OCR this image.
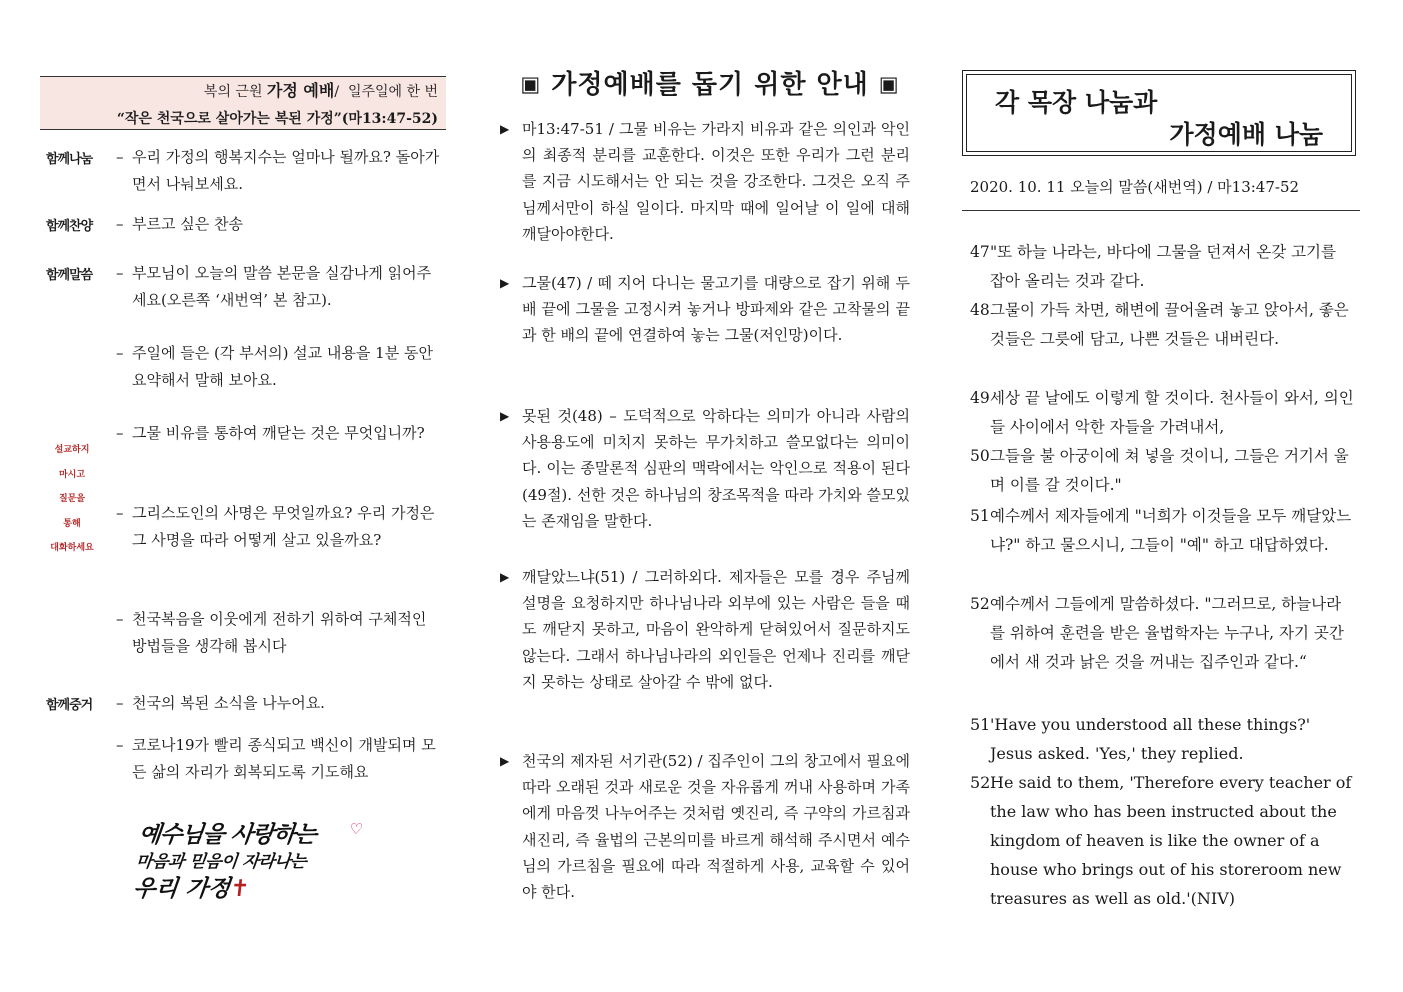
복의 근원 가정 예배/ 일주일에 한 번
“작은 천국으로 살아가는 복된 가정”(마13:47-52)
함께나눔 – 우리 가정의 행복지수는 얼마나 될까요? 돌아가면서 나눠보세요.
함께찬양 – 부르고 싶은 찬송
함께말씀 – 부모님이 오늘의 말씀 본문을 실감나게 읽어주세요(오른쪽 ‘새번역’ 본 참고).
– 주일에 들은 (각 부서의) 설교 내용을 1분 동안 요약해서 말해 보아요.
– 그물 비유를 통하여 깨닫는 것은 무엇입니까?
– 그리스도인의 사명은 무엇일까요? 우리 가정은 그 사명을 따라 어떻게 살고 있을까요?
– 천국복음을 이웃에게 전하기 위하여 구체적인 방법들을 생각해 봅시다
설교하지
마시고
질문을
통해
대화하세요
함께중거 – 천국의 복된 소식을 나누어요.
– 코로나19가 빨리 종식되고 백신이 개발되며 모든 삶의 자리가 회복되도록 기도해요
♡
예수님을 사랑하는
마음과 믿음이 자라나는
우리 가정✝
▣ 가정예배를 돕기 위한 안내 ▣
▶ 마13:47-51 / 그물 비유는 가라지 비유과 같은 의인과 악인의 최종적 분리를 교훈한다. 이것은 또한 우리가 그런 분리를 지금 시도해서는 안 되는 것을 강조한다. 그것은 오직 주님께서만이 하실 일이다. 마지막 때에 일어날 이 일에 대해 깨달아야한다.
▶ 그물(47) / 떼 지어 다니는 물고기를 대량으로 잡기 위해 두 배 끝에 그물을 고정시켜 놓거나 방파제와 같은 고착물의 끝과 한 배의 끝에 연결하여 놓는 그물(저인망)이다.
▶ 못된 것(48) – 도덕적으로 악하다는 의미가 아니라 사람의 사용용도에 미치지 못하는 무가치하고 쓸모없다는 의미이다. 이는 종말론적 심판의 맥락에서는 악인으로 적용이 된다(49절). 선한 것은 하나님의 창조목적을 따라 가치와 쓸모있는 존재임을 말한다.
▶ 깨달았느냐(51) / 그러하외다. 제자들은 모를 경우 주님께 설명을 요청하지만 하나님나라 외부에 있는 사람은 들을 때도 깨닫지 못하고, 마음이 완악하게 닫혀있어서 질문하지도 않는다. 그래서 하나님나라의 외인들은 언제나 진리를 깨닫지 못하는 상태로 살아갈 수 밖에 없다.
▶ 천국의 제자된 서기관(52) / 집주인이 그의 창고에서 필요에 따라 오래된 것과 새로운 것을 자유롭게 꺼내 사용하며 가족에게 마음껏 나누어주는 것처럼 옛진리, 즉 구약의 가르침과 새진리, 즉 율법의 근본의미를 바르게 해석해 주시면서 예수님의 가르침을 필요에 따라 적절하게 사용, 교육할 수 있어야 한다.
각 목장 나눔과
가정예배 나눔
2020. 10. 11 오늘의 말씀(새번역) / 마13:47-52
47 "또 하늘 나라는, 바다에 그물을 던져서 온갖 고기를 잡아 올리는 것과 같다.
48 그물이 가득 차면, 해변에 끌어올려 놓고 앉아서, 좋은 것들은 그릇에 담고, 나쁜 것들은 내버린다.
49 세상 끝 날에도 이렇게 할 것이다. 천사들이 와서, 의인들 사이에서 악한 자들을 가려내서,
50 그들을 불 아궁이에 쳐 넣을 것이니, 그들은 거기서 울며 이를 갈 것이다."
51 예수께서 제자들에게 "너희가 이것들을 모두 깨달았느냐?" 하고 물으시니, 그들이 "예" 하고 대답하였다.
52 예수께서 그들에게 말씀하셨다. "그러므로, 하늘나라를 위하여 훈련을 받은 율법학자는 누구나, 자기 곳간에서 새 것과 낡은 것을 꺼내는 집주인과 같다.“
51 'Have you understood all these things?' Jesus asked. 'Yes,' they replied.
52 He said to them, 'Therefore every teacher of the law who has been instructed about the kingdom of heaven is like the owner of a house who brings out of his storeroom new treasures as well as old.'(NIV)
